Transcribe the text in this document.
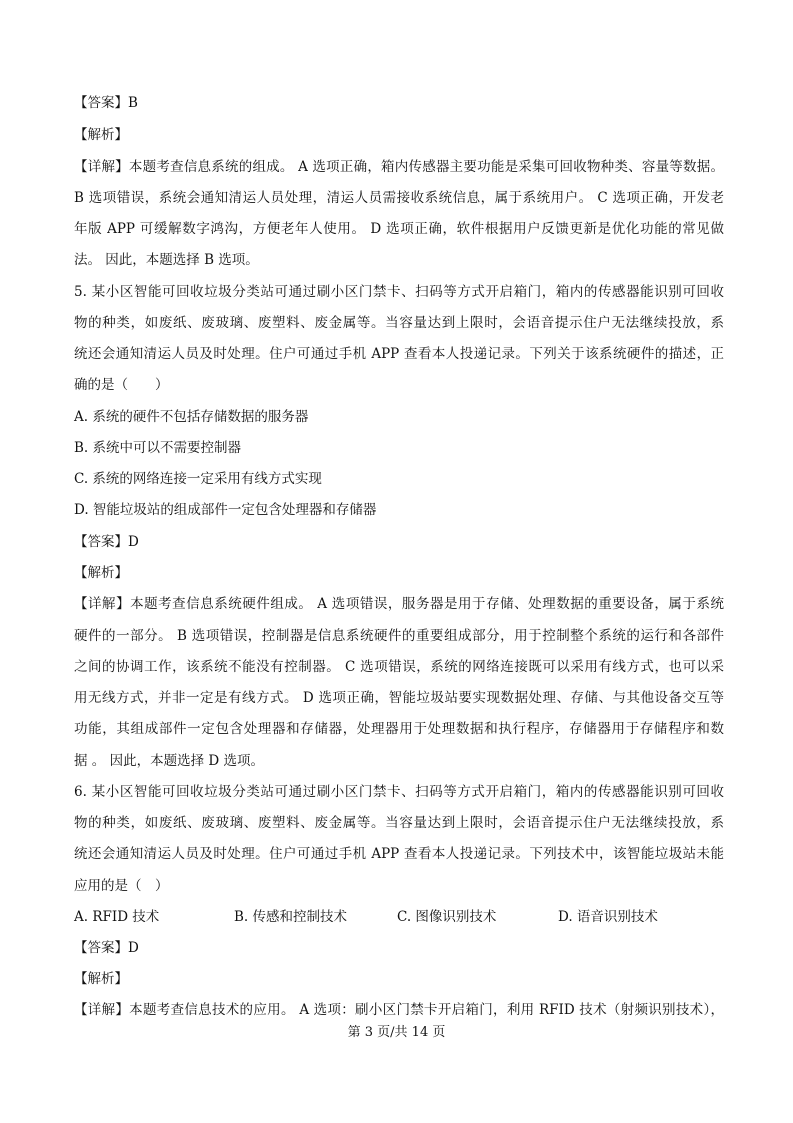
【答案】B
【解析】
【详解】本题考查信息系统的组成。 A 选项正确，箱内传感器主要功能是采集可回收物种类、容量等数据。
B 选项错误，系统会通知清运人员处理，清运人员需接收系统信息，属于系统用户。 C 选项正确，开发老
年版 APP 可缓解数字鸿沟，方便老年人使用。 D 选项正确，软件根据用户反馈更新是优化功能的常见做
法。 因此，本题选择 B 选项。
5. 某小区智能可回收垃圾分类站可通过刷小区门禁卡、扫码等方式开启箱门，箱内的传感器能识别可回收
物的种类，如废纸、废玻璃、废塑料、废金属等。当容量达到上限时，会语音提示住户无法继续投放，系
统还会通知清运人员及时处理。住户可通过手机 APP 查看本人投递记录。下列关于该系统硬件的描述，正
确的是（　　）
A. 系统的硬件不包括存储数据的服务器
B. 系统中可以不需要控制器
C. 系统的网络连接一定采用有线方式实现
D. 智能垃圾站的组成部件一定包含处理器和存储器
【答案】D
【解析】
【详解】本题考查信息系统硬件组成。 A 选项错误，服务器是用于存储、处理数据的重要设备，属于系统
硬件的一部分。 B 选项错误，控制器是信息系统硬件的重要组成部分，用于控制整个系统的运行和各部件
之间的协调工作，该系统不能没有控制器。 C 选项错误，系统的网络连接既可以采用有线方式，也可以采
用无线方式，并非一定是有线方式。 D 选项正确，智能垃圾站要实现数据处理、存储、与其他设备交互等
功能，其组成部件一定包含处理器和存储器，处理器用于处理数据和执行程序，存储器用于存储程序和数
据 。 因此，本题选择 D 选项。
6. 某小区智能可回收垃圾分类站可通过刷小区门禁卡、扫码等方式开启箱门，箱内的传感器能识别可回收
物的种类，如废纸、废玻璃、废塑料、废金属等。当容量达到上限时，会语音提示住户无法继续投放，系
统还会通知清运人员及时处理。住户可通过手机 APP 查看本人投递记录。下列技术中，该智能垃圾站未能
应用的是（　）
A. RFID 技术	B. 传感和控制技术	C. 图像识别技术	D. 语音识别技术
【答案】D
【解析】
【详解】本题考查信息技术的应用。 A 选项：刷小区门禁卡开启箱门，利用 RFID 技术（射频识别技术），
第 3 页/共 14 页
